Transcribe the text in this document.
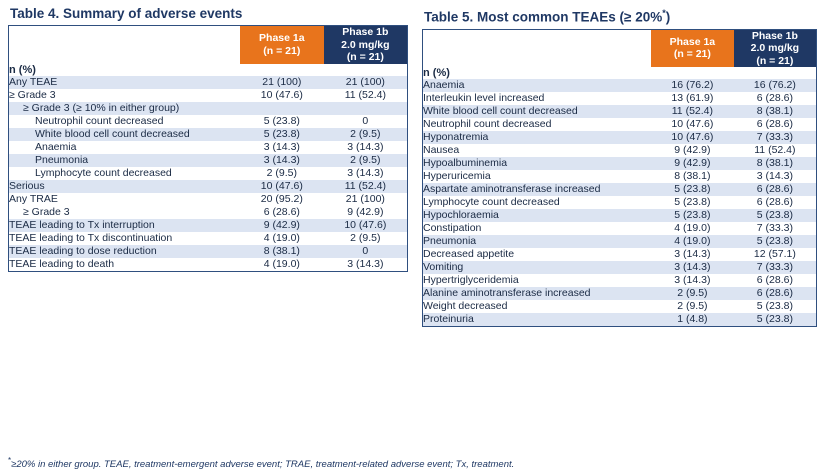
Table 4. Summary of adverse events

Phase 1a
(n = 21)

Phase 1b
2.0 mg/kg
(n = 21)

n (%)		
Any TEAE	21 (100)	21 (100)
≥ Grade 3	10 (47.6)	11 (52.4)
≥ Grade 3 (≥ 10% in either group)		
Neutrophil count decreased	5 (23.8)	0
White blood cell count decreased	5 (23.8)	2 (9.5)
Anaemia	3 (14.3)	3 (14.3)
Pneumonia	3 (14.3)	2 (9.5)
Lymphocyte count decreased	2 (9.5)	3 (14.3)
Serious	10 (47.6)	11 (52.4)
Any TRAE	20 (95.2)	21 (100)
≥ Grade 3	6 (28.6)	9 (42.9)
TEAE leading to Tx interruption	9 (42.9)	10 (47.6)
TEAE leading to Tx discontinuation	4 (19.0)	2 (9.5)
TEAE leading to dose reduction	8 (38.1)	0
TEAE leading to death	4 (19.0)	3 (14.3)
Table 5. Most common TEAEs (≥ 20%*)

Phase 1a
(n = 21)

Phase 1b
2.0 mg/kg
(n = 21)

n (%)		
Anaemia	16 (76.2)	16 (76.2)
Interleukin level increased	13 (61.9)	6 (28.6)
White blood cell count decreased	11 (52.4)	8 (38.1)
Neutrophil count decreased	10 (47.6)	6 (28.6)
Hyponatremia	10 (47.6)	7 (33.3)
Nausea	9 (42.9)	11 (52.4)
Hypoalbuminemia	9 (42.9)	8 (38.1)
Hyperuricemia	8 (38.1)	3 (14.3)
Aspartate aminotransferase increased	5 (23.8)	6 (28.6)
Lymphocyte count decreased	5 (23.8)	6 (28.6)
Hypochloraemia	5 (23.8)	5 (23.8)
Constipation	4 (19.0)	7 (33.3)
Pneumonia	4 (19.0)	5 (23.8)
Decreased appetite	3 (14.3)	12 (57.1)
Vomiting	3 (14.3)	7 (33.3)
Hypertriglyceridemia	3 (14.3)	6 (28.6)
Alanine aminotransferase increased	2 (9.5)	6 (28.6)
Weight decreased	2 (9.5)	5 (23.8)
Proteinuria	1 (4.8)	5 (23.8)
*≥20% in either group. TEAE, treatment-emergent adverse event; TRAE, treatment-related adverse event; Tx, treatment.
